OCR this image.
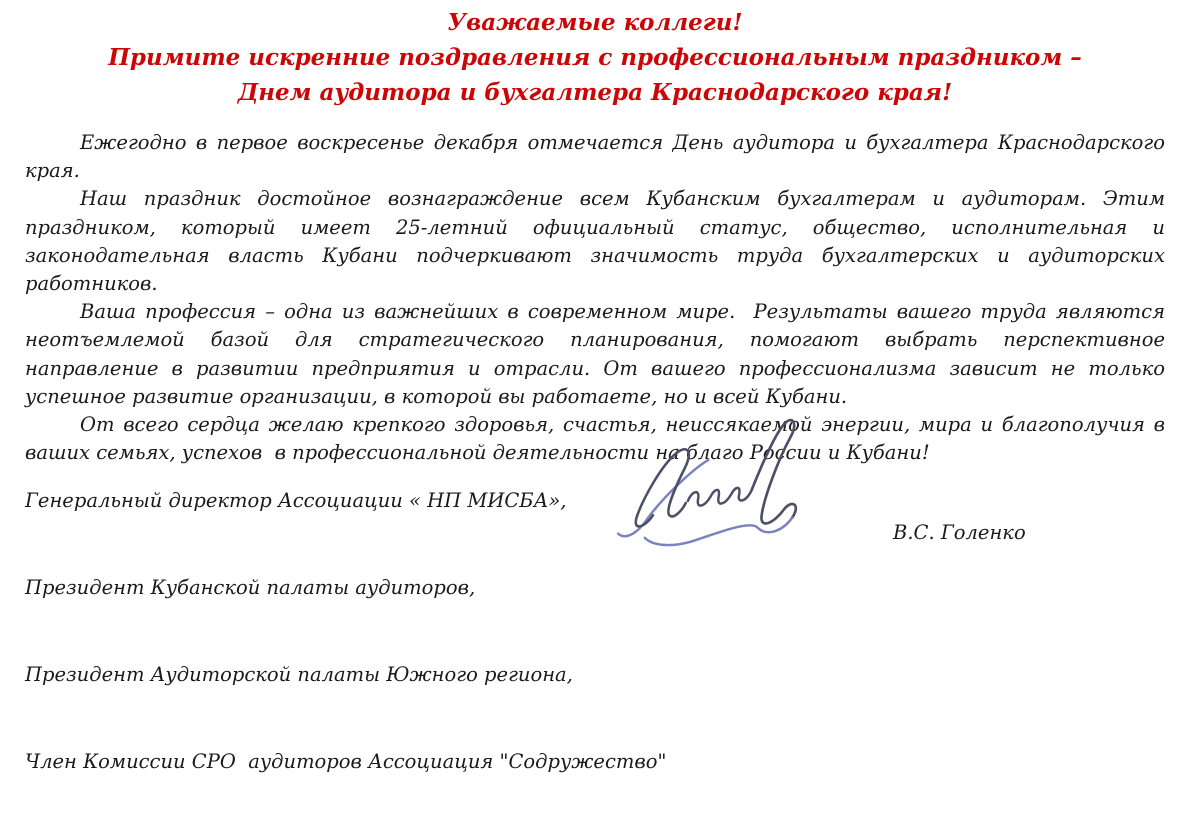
Уважаемые коллеги!
Примите искренние поздравления с профессиональным праздником –
Днем аудитора и бухгалтера Краснодарского края!

Ежегодно в первое воскресенье декабря отмечается День аудитора и бухгалтера Краснодарского края.

Наш праздник достойное вознаграждение всем Кубанским бухгалтерам и аудиторам. Этим праздником, который имеет 25-летний официальный статус, общество, исполнительная и законодательная власть Кубани подчеркивают значимость труда бухгалтерских и аудиторских работников.

Ваша профессия – одна из важнейших в современном мире.  Результаты вашего труда являются неотъемлемой базой для стратегического планирования, помогают выбрать перспективное направление в развитии предприятия и отрасли. От вашего профессионализма зависит не только успешное развитие организации, в которой вы работаете, но и всей Кубани.

От всего сердца желаю крепкого здоровья, счастья, неиссякаемой энергии, мира и благополучия в ваших семьях, успехов  в профессиональной деятельности на благо России и Кубани!

Генеральный директор Ассоциации « НП МИСБА»,

Президент Кубанской палаты аудиторов,

Президент Аудиторской палаты Южного региона,

Член Комиссии СРО  аудиторов Ассоциация "Содружество"

В.С. Голенко
